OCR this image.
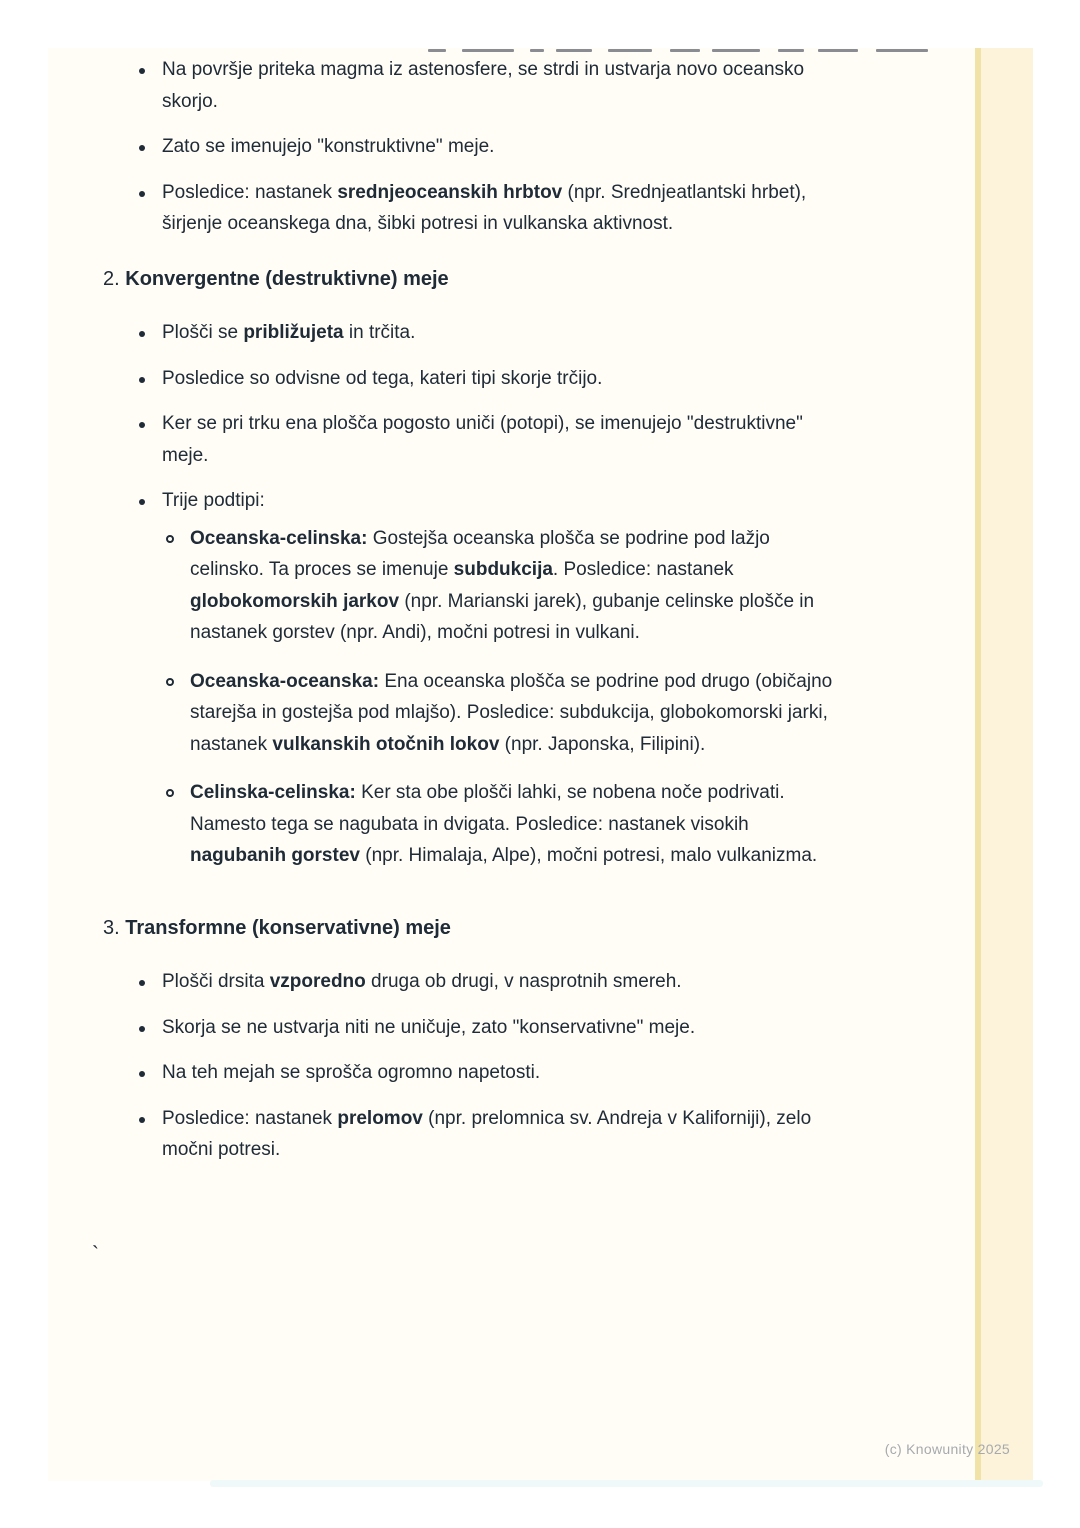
Na površje priteka magma iz astenosfere, se strdi in ustvarja novo oceansko skorjo.

Zato se imenujejo "konstruktivne" meje.

Posledice: nastanek srednjeoceanskih hrbtov (npr. Srednjeatlantski hrbet), širjenje oceanskega dna, šibki potresi in vulkanska aktivnost.

2. Konvergentne (destruktivne) meje

Plošči se približujeta in trčita.

Posledice so odvisne od tega, kateri tipi skorje trčijo.

Ker se pri trku ena plošča pogosto uniči (potopi), se imenujejo "destruktivne" meje.

Trije podtipi:

Oceanska-celinska: Gostejša oceanska plošča se podrine pod lažjo celinsko. Ta proces se imenuje subdukcija. Posledice: nastanek globokomorskih jarkov (npr. Marianski jarek), gubanje celinske plošče in nastanek gorstev (npr. Andi), močni potresi in vulkani.

Oceanska-oceanska: Ena oceanska plošča se podrine pod drugo (običajno starejša in gostejša pod mlajšo). Posledice: subdukcija, globokomorski jarki, nastanek vulkanskih otočnih lokov (npr. Japonska, Filipini).

Celinska-celinska: Ker sta obe plošči lahki, se nobena noče podrivati. Namesto tega se nagubata in dvigata. Posledice: nastanek visokih nagubanih gorstev (npr. Himalaja, Alpe), močni potresi, malo vulkanizma.

3. Transformne (konservativne) meje

Plošči drsita vzporedno druga ob drugi, v nasprotnih smereh.

Skorja se ne ustvarja niti ne uničuje, zato "konservativne" meje.

Na teh mejah se sprošča ogromno napetosti.

Posledice: nastanek prelomov (npr. prelomnica sv. Andreja v Kaliforniji), zelo močni potresi.

`
(c) Knowunity 2025
